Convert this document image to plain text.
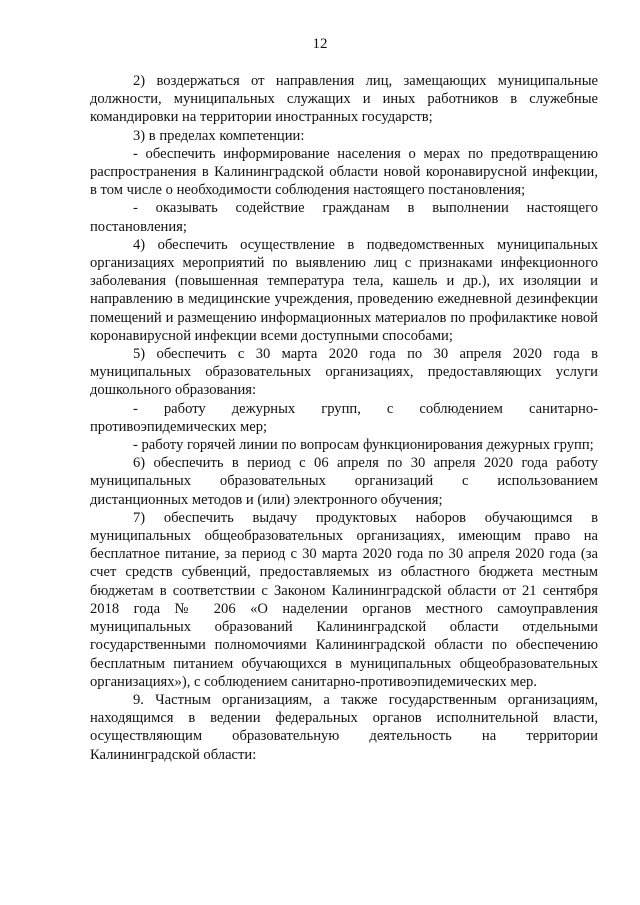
12

2) воздержаться от направления лиц, замещающих муниципальные должности, муниципальных служащих и иных работников в служебные командировки на территории иностранных государств;

3) в пределах компетенции:

- обеспечить информирование населения о мерах по предотвращению распространения в Калининградской области новой коронавирусной инфекции, в том числе о необходимости соблюдения настоящего постановления;

- оказывать содействие гражданам в выполнении настоящего постановления;

4) обеспечить осуществление в подведомственных муниципальных организациях мероприятий по выявлению лиц с признаками инфекционного заболевания (повышенная температура тела, кашель и др.), их изоляции и направлению в медицинские учреждения, проведению ежедневной дезинфекции помещений и размещению информационных материалов по профилактике новой коронавирусной инфекции всеми доступными способами;

5) обеспечить с 30 марта 2020 года по 30 апреля 2020 года в муниципальных образовательных организациях, предоставляющих услуги дошкольного образования:

- работу дежурных групп, с соблюдением санитарно-противоэпидемических мер;

- работу горячей линии по вопросам функционирования дежурных групп;

6) обеспечить в период с 06 апреля по 30 апреля 2020 года работу муниципальных образовательных организаций с использованием дистанционных методов и (или) электронного обучения;

7) обеспечить выдачу продуктовых наборов обучающимся в муниципальных общеобразовательных организациях, имеющим право на бесплатное питание, за период с 30 марта 2020 года по 30 апреля 2020 года (за счет средств субвенций, предоставляемых из областного бюджета местным бюджетам в соответствии с Законом Калининградской области от 21 сентября 2018 года № 206 «О наделении органов местного самоуправления муниципальных образований Калининградской области отдельными государственными полномочиями Калининградской области по обеспечению бесплатным питанием обучающихся в муниципальных общеобразовательных организациях»), с соблюдением санитарно-противоэпидемических мер.

9. Частным организациям, а также государственным организациям, находящимся в ведении федеральных органов исполнительной власти, осуществляющим образовательную деятельность на территории Калининградской области:
